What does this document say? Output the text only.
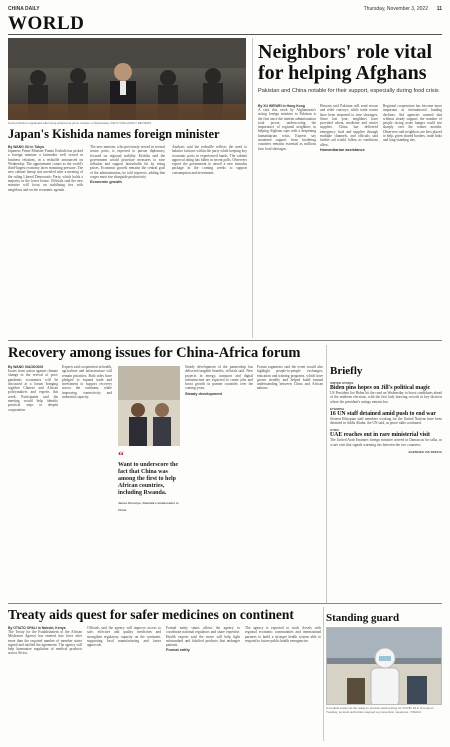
CHINA DAILY	Thursday, November 3, 2022 11
WORLD
Fumio Kishida is applauded after being selected as prime minister on Wednesday. KIM KYUNG-HOON / REUTERS
Japan's Kishida names foreign minister
By WANG XU in Tokyo
Japanese Prime Minister Fumio Kishida has picked a foreign minister a lawmaker well versed in business relations, in a reshuffle announced on Wednesday. The appointment comes as the world's third-largest economy faces mounting pressure. The new cabinet lineup was unveiled after a meeting of the ruling Liberal Democratic Party, which holds a majority in the lower house. Officials said the new minister will focus on stabilizing ties with neighbors and on the economic agenda.
The new minister, who previously served in several senior posts, is expected to pursue diplomacy focused on regional stability. Kishida said the government would prioritize measures to ease inflation and support households hit by rising prices. Economic growth remains the central goal of the administration, he told reporters, adding that wages must rise alongside productivity.
Economic growth
Analysts said the reshuffle reflects the need to balance factions within the party while keeping key economic posts in experienced hands. The cabinet approval rating has fallen in recent polls. Observers expect the government to unveil a new stimulus package in the coming weeks to support consumption and investment.
Neighbors' role vital for helping Afghans
Pakistan and China notable for their support, especially during food crisis
By XU WEIWEI in Hong Kong
A visit this week by Afghanistan's acting foreign minister to Pakistan is the first since the interim administration took power, underscoring the importance of regional neighbors in helping Afghans cope with a deepening humanitarian crisis. Experts say sustained support from bordering countries remains essential as millions face food shortages.
Hussain said Pakistan will send rescue and relief convoys, while trade routes have been reopened to ease shortages. Since last year, neighbors have provided wheat, medicine and winter supplies. China has delivered emergency food and supplies through multiple channels, and officials said further aid would follow as conditions allow.
Humanitarian assistance
Regional cooperation has become more important as international funding declines. Aid agencies warned that without steady support, the number of people facing acute hunger could rise sharply over the winter months. Observers said neighbors are best placed to help, given shared borders, trade links and long-standing ties.
Recovery among issues for China-Africa forum
By WANG XIAODONG
Issues from action against climate change to the revival of post-pandemic economies will be discussed at a forum bringing together Chinese and African policymakers and experts this week. Participants said the meeting would help identify practical steps to deepen cooperation.
Experts said cooperation in health, agriculture and infrastructure will remain priorities. Both sides have pledged to expand trade and investment to support recovery across the continent, while improving connectivity and industrial capacity.
“
Want to underscore the fact that China was among the first to help African countries, including Rwanda.
James Kimonyo, Rwanda's ambassador to China
Steady development of the partnership has delivered tangible benefits, officials said. New projects in energy, transport and digital infrastructure are expected to create jobs and boost growth in partner countries over the coming years.
Steady development
Forum organizers said the event would also highlight people-to-people exchanges, education and training programs, which have grown steadily and helped build mutual understanding between China and African nations.
Briefly
UNITED STATES
Biden pins hopes on Jill's political magic
US President Joe Biden hit the road on Wednesday to boost candidates ahead of the midterm elections, with the first lady drawing crowds in key districts where the president's ratings remain low.
ETHIOPIA
16 UN staff detained amid push to end war
Sixteen Ethiopian staff members working for the United Nations have been detained in Addis Ababa, the UN said, as peace talks continued.
SYRIA
UAE reaches out in rare ministerial visit
The United Arab Emirates foreign minister arrived in Damascus for talks, in a rare visit that signals warming ties between the two countries.
AGENCIES VIA XINHUA
Treaty aids quest for safer medicines on continent
By OTIATO OPALI in Nairobi, Kenya
The Treaty for the Establishment of the African Medicines Agency has entered into force after more than the required number of member states signed and ratified the agreement. The agency will help harmonize regulation of medical products across Africa.
Officials said the agency will improve access to safe, effective and quality medicines and strengthen regulatory capacity on the continent, supporting local manufacturing and faster approvals.
Formal entity status allows the agency to coordinate national regulators and share expertise. Health experts said the move will help fight substandard and falsified products that endanger patients.
Formal entity
The agency is expected to work closely with regional economic communities and international partners to build a stronger health system able to respond to future public health emergencies.
Standing guard
A medical worker at the ready to provide swab testing for COVID-19 in Urumqi on Tuesday, as local authorities stepped up prevention measures. XINHUA
